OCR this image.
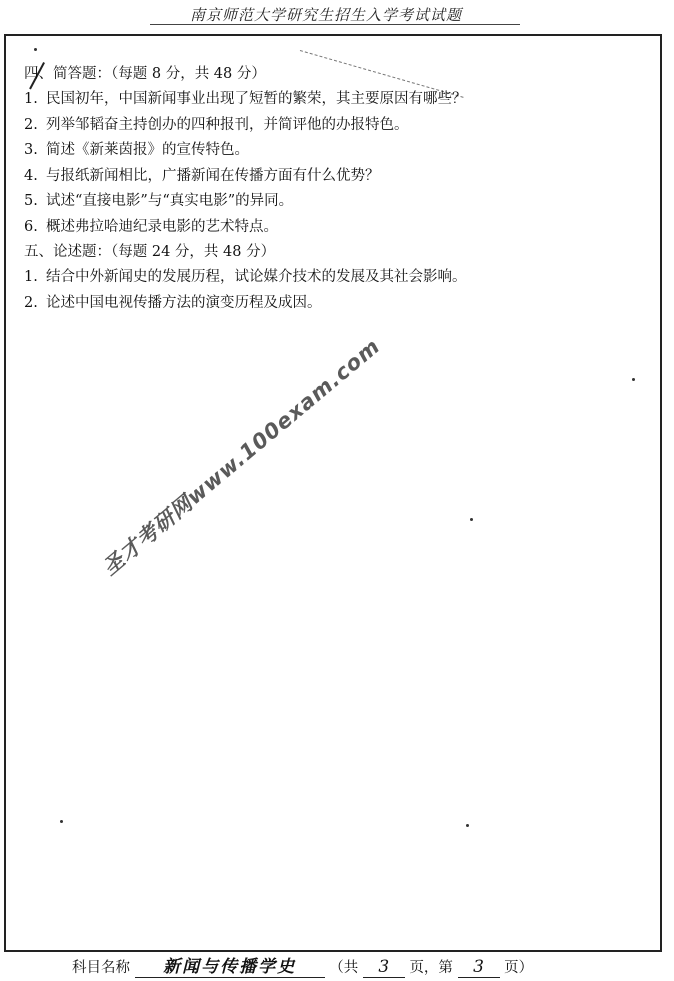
南京师范大学研究生招生入学考试试题
四、简答题：（每题 8 分，共 48 分）
1. 民国初年，中国新闻事业出现了短暂的繁荣，其主要原因有哪些？
2. 列举邹韬奋主持创办的四种报刊，并简评他的办报特色。
3. 简述《新莱茵报》的宣传特色。
4. 与报纸新闻相比，广播新闻在传播方面有什么优势？
5. 试述“直接电影”与“真实电影”的异同。
6. 概述弗拉哈迪纪录电影的艺术特点。
五、论述题：（每题 24 分，共 48 分）
1. 结合中外新闻史的发展历程，试论媒介技术的发展及其社会影响。
2. 论述中国电视传播方法的演变历程及成因。
圣才考研网www.100exam.com
科目名称 新闻与传播学史 （共 3 页，第 3 页）
